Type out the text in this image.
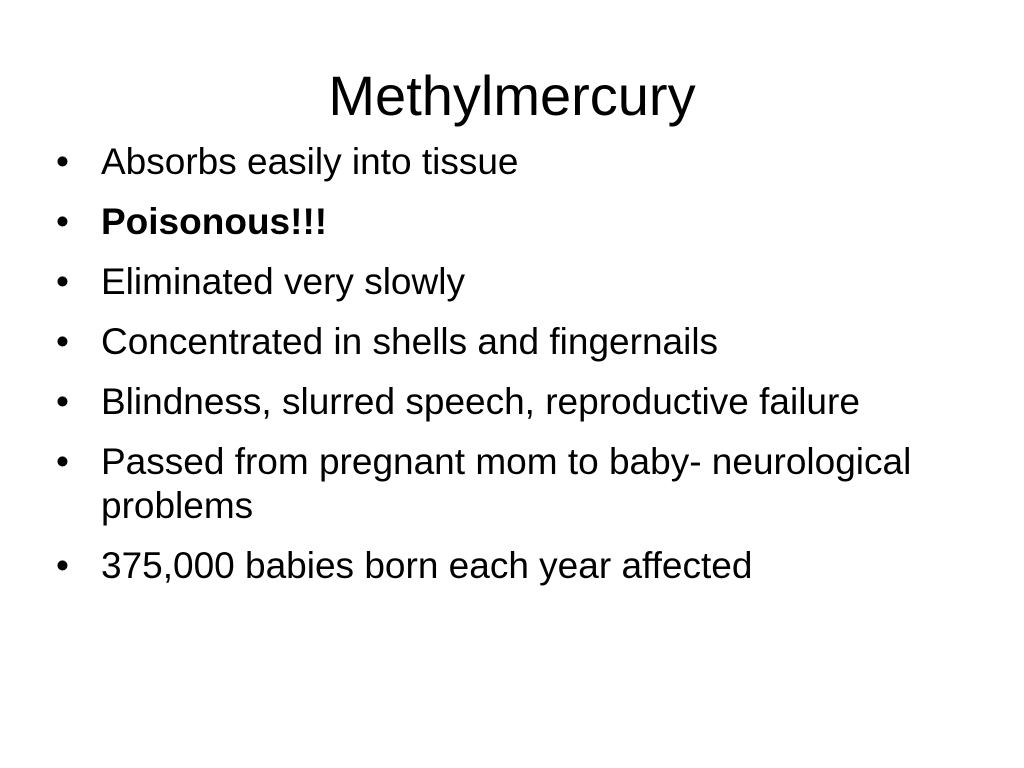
Methylmercury
• Absorbs easily into tissue
• Poisonous!!!
• Eliminated very slowly
• Concentrated in shells and fingernails
• Blindness, slurred speech, reproductive failure
• Passed from pregnant mom to baby- neurological problems
• 375,000 babies born each year affected
